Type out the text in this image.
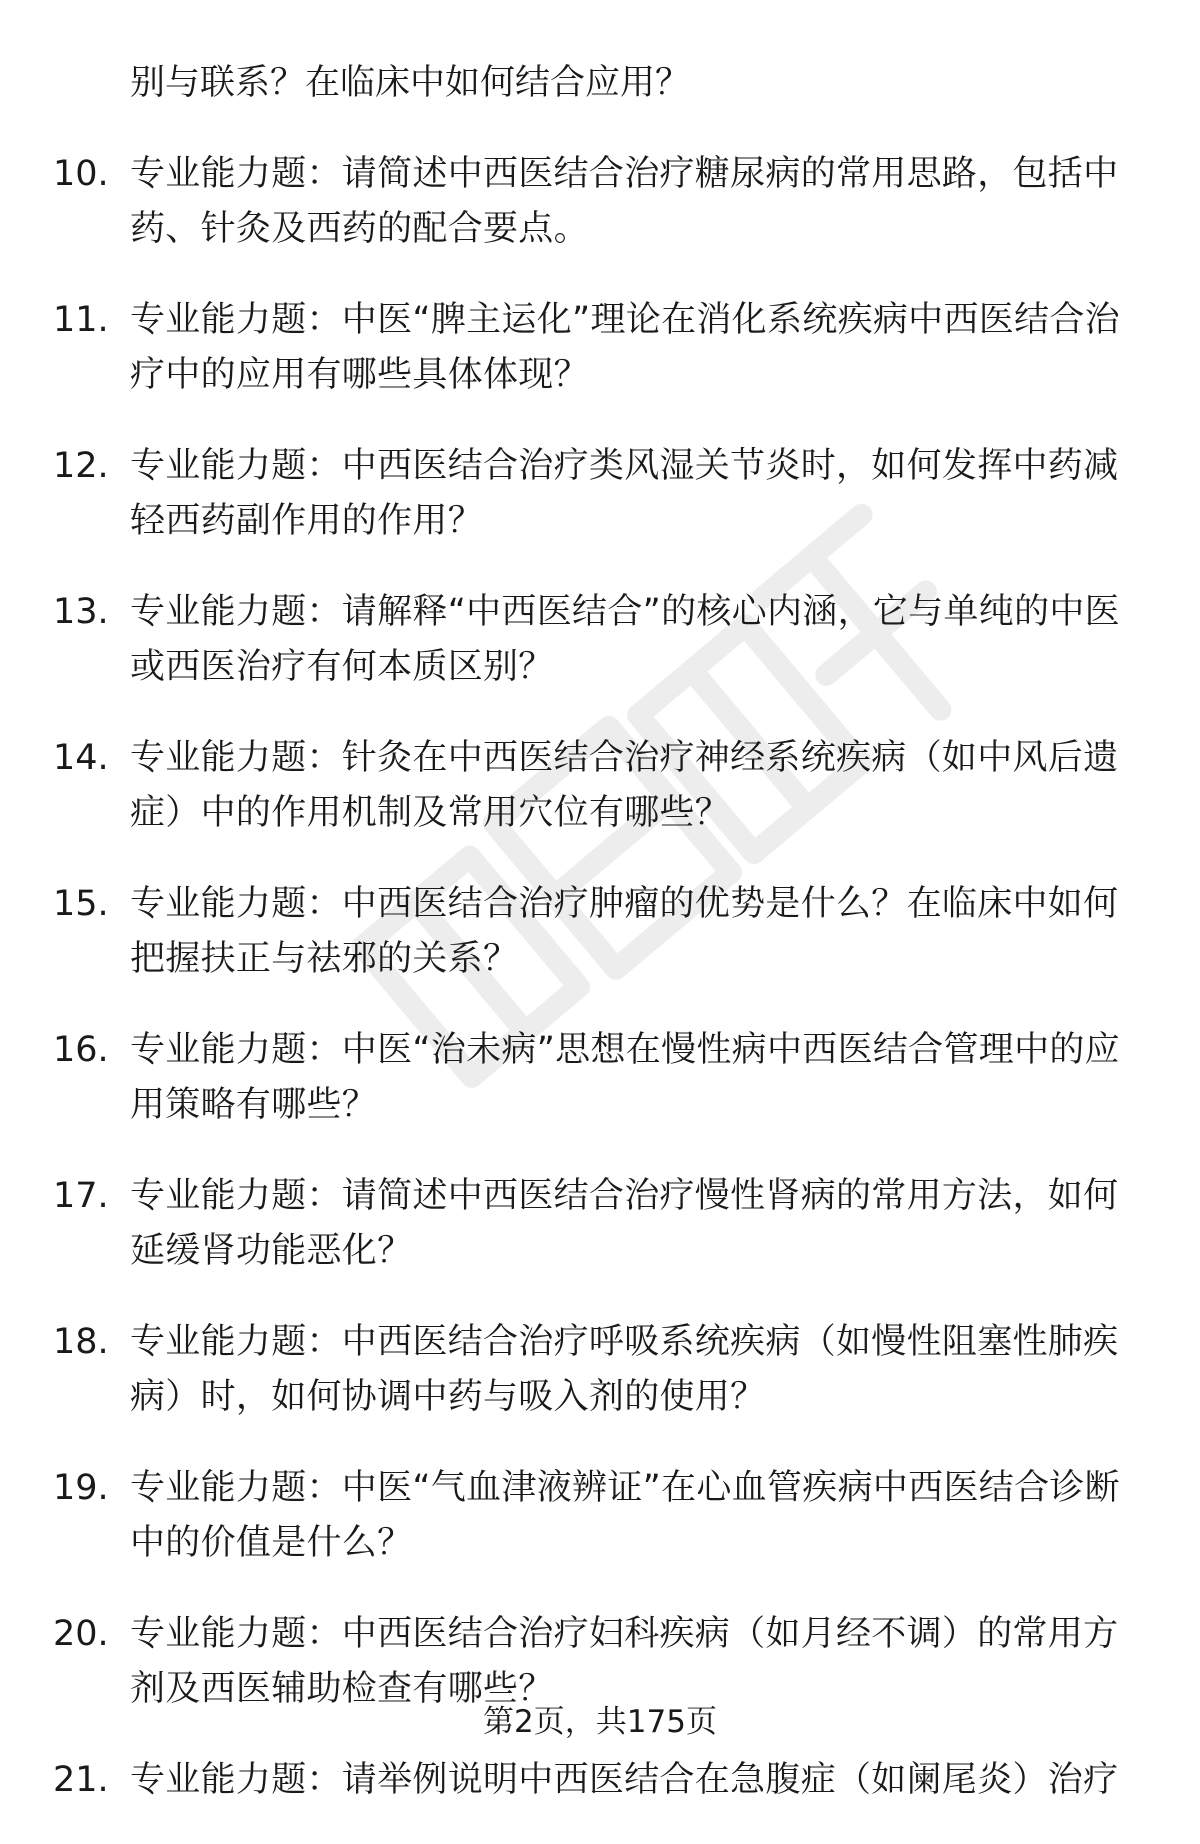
别与联系？在临床中如何结合应用？
10. 专业能力题：请简述中西医结合治疗糖尿病的常用思路，包括中药、针灸及西药的配合要点。
11. 专业能力题：中医“脾主运化”理论在消化系统疾病中西医结合治疗中的应用有哪些具体体现？
12. 专业能力题：中西医结合治疗类风湿关节炎时，如何发挥中药减轻西药副作用的作用？
13. 专业能力题：请解释“中西医结合”的核心内涵，它与单纯的中医或西医治疗有何本质区别？
14. 专业能力题：针灸在中西医结合治疗神经系统疾病（如中风后遗症）中的作用机制及常用穴位有哪些？
15. 专业能力题：中西医结合治疗肿瘤的优势是什么？在临床中如何把握扶正与祛邪的关系？
16. 专业能力题：中医“治未病”思想在慢性病中西医结合管理中的应用策略有哪些？
17. 专业能力题：请简述中西医结合治疗慢性肾病的常用方法，如何延缓肾功能恶化？
18. 专业能力题：中西医结合治疗呼吸系统疾病（如慢性阻塞性肺疾病）时，如何协调中药与吸入剂的使用？
19. 专业能力题：中医“气血津液辨证”在心血管疾病中西医结合诊断中的价值是什么？
20. 专业能力题：中西医结合治疗妇科疾病（如月经不调）的常用方剂及西医辅助检查有哪些？
21. 专业能力题：请举例说明中西医结合在急腹症（如阑尾炎）治疗
第2页，共175页
